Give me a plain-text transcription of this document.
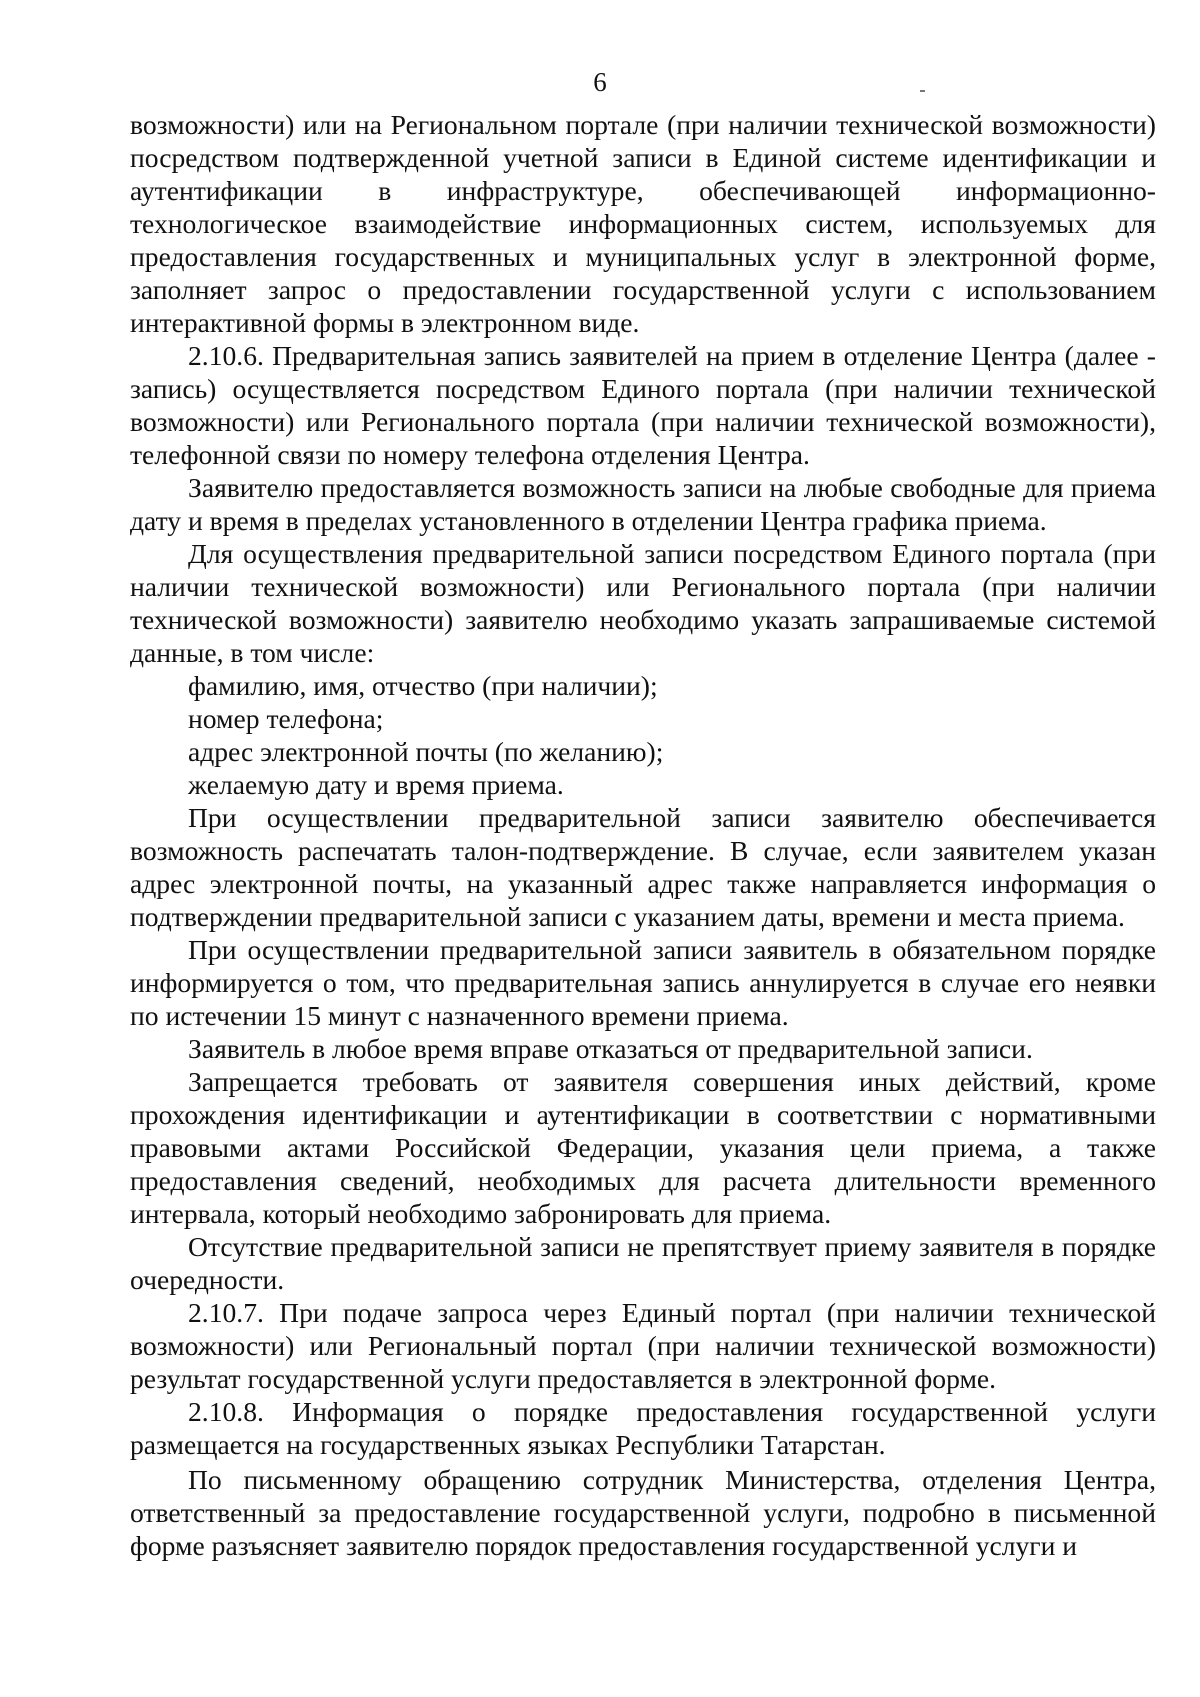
6

возможности) или на Региональном портале (при наличии технической возможности) посредством подтвержденной учетной записи в Единой системе идентификации и аутентификации в инфраструктуре, обеспечивающей информационно-технологическое взаимодействие информационных систем, используемых для предоставления государственных и муниципальных услуг в электронной форме, заполняет запрос о предоставлении государственной услуги с использованием интерактивной формы в электронном виде.

2.10.6. Предварительная запись заявителей на прием в отделение Центра (далее - запись) осуществляется посредством Единого портала (при наличии технической возможности) или Регионального портала (при наличии технической возможности), телефонной связи по номеру телефона отделения Центра.

Заявителю предоставляется возможность записи на любые свободные для приема дату и время в пределах установленного в отделении Центра графика приема.

Для осуществления предварительной записи посредством Единого портала (при наличии технической возможности) или Регионального портала (при наличии технической возможности) заявителю необходимо указать запрашиваемые системой данные, в том числе:

фамилию, имя, отчество (при наличии);

номер телефона;

адрес электронной почты (по желанию);

желаемую дату и время приема.

При осуществлении предварительной записи заявителю обеспечивается возможность распечатать талон-подтверждение. В случае, если заявителем указан адрес электронной почты, на указанный адрес также направляется информация о подтверждении предварительной записи с указанием даты, времени и места приема.

При осуществлении предварительной записи заявитель в обязательном порядке информируется о том, что предварительная запись аннулируется в случае его неявки по истечении 15 минут с назначенного времени приема.

Заявитель в любое время вправе отказаться от предварительной записи.

Запрещается требовать от заявителя совершения иных действий, кроме прохождения идентификации и аутентификации в соответствии с нормативными правовыми актами Российской Федерации, указания цели приема, а также предоставления сведений, необходимых для расчета длительности временного интервала, который необходимо забронировать для приема.

Отсутствие предварительной записи не препятствует приему заявителя в порядке очередности.

2.10.7. При подаче запроса через Единый портал (при наличии технической возможности) или Региональный портал (при наличии технической возможности) результат государственной услуги предоставляется в электронной форме.

2.10.8. Информация о порядке предоставления государственной услуги размещается на государственных языках Республики Татарстан.

По письменному обращению сотрудник Министерства, отделения Центра, ответственный за предоставление государственной услуги, подробно в письменной форме разъясняет заявителю порядок предоставления государственной услуги и
